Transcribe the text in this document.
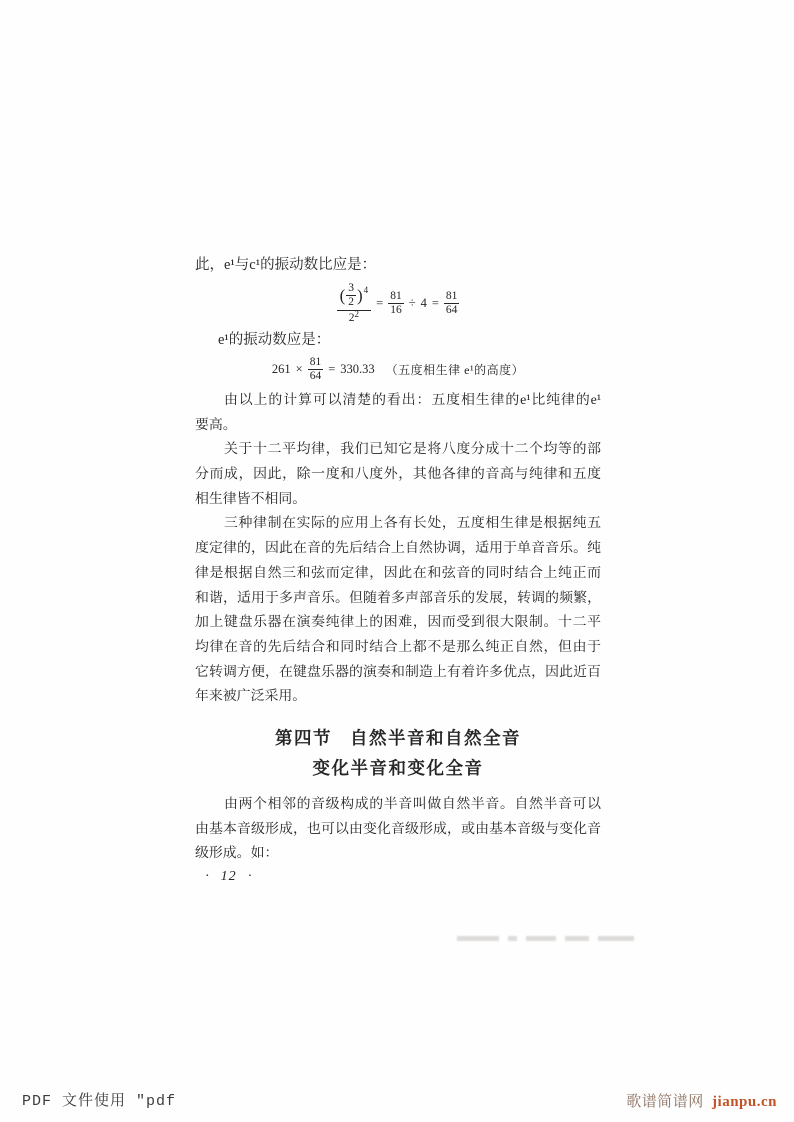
此，e¹与c¹的振动数比应是：
( $\frac{3}{2}$ ) 4
2 2
= $\frac{81}{16} \div 4 = \frac{81}{64}$
e¹的振动数应是：
$261 \times \frac{81}{64} = 330.33$ （五度相生律 e¹的高度）
由以上的计算可以清楚的看出：五度相生律的e¹比纯律的e¹
要高。
关于十二平均律，我们已知它是将八度分成十二个均等的部
分而成，因此，除一度和八度外，其他各律的音高与纯律和五度
相生律皆不相同。
三种律制在实际的应用上各有长处，五度相生律是根据纯五
度定律的，因此在音的先后结合上自然协调，适用于单音音乐。纯
律是根据自然三和弦而定律，因此在和弦音的同时结合上纯正而
和谐，适用于多声音乐。但随着多声部音乐的发展，转调的频繁，
加上键盘乐器在演奏纯律上的困难，因而受到很大限制。十二平
均律在音的先后结合和同时结合上都不是那么纯正自然，但由于
它转调方便，在键盘乐器的演奏和制造上有着许多优点，因此近百
年来被广泛采用。
第四节 自然半音和自然全音
变化半音和变化全音
由两个相邻的音级构成的半音叫做自然半音。自然半音可以
由基本音级形成，也可以由变化音级形成，或由基本音级与变化音
级形成。如：
· 12 ·
PDF 文件使用 ″pdf	歌谱简谱网 jianpu.cn
